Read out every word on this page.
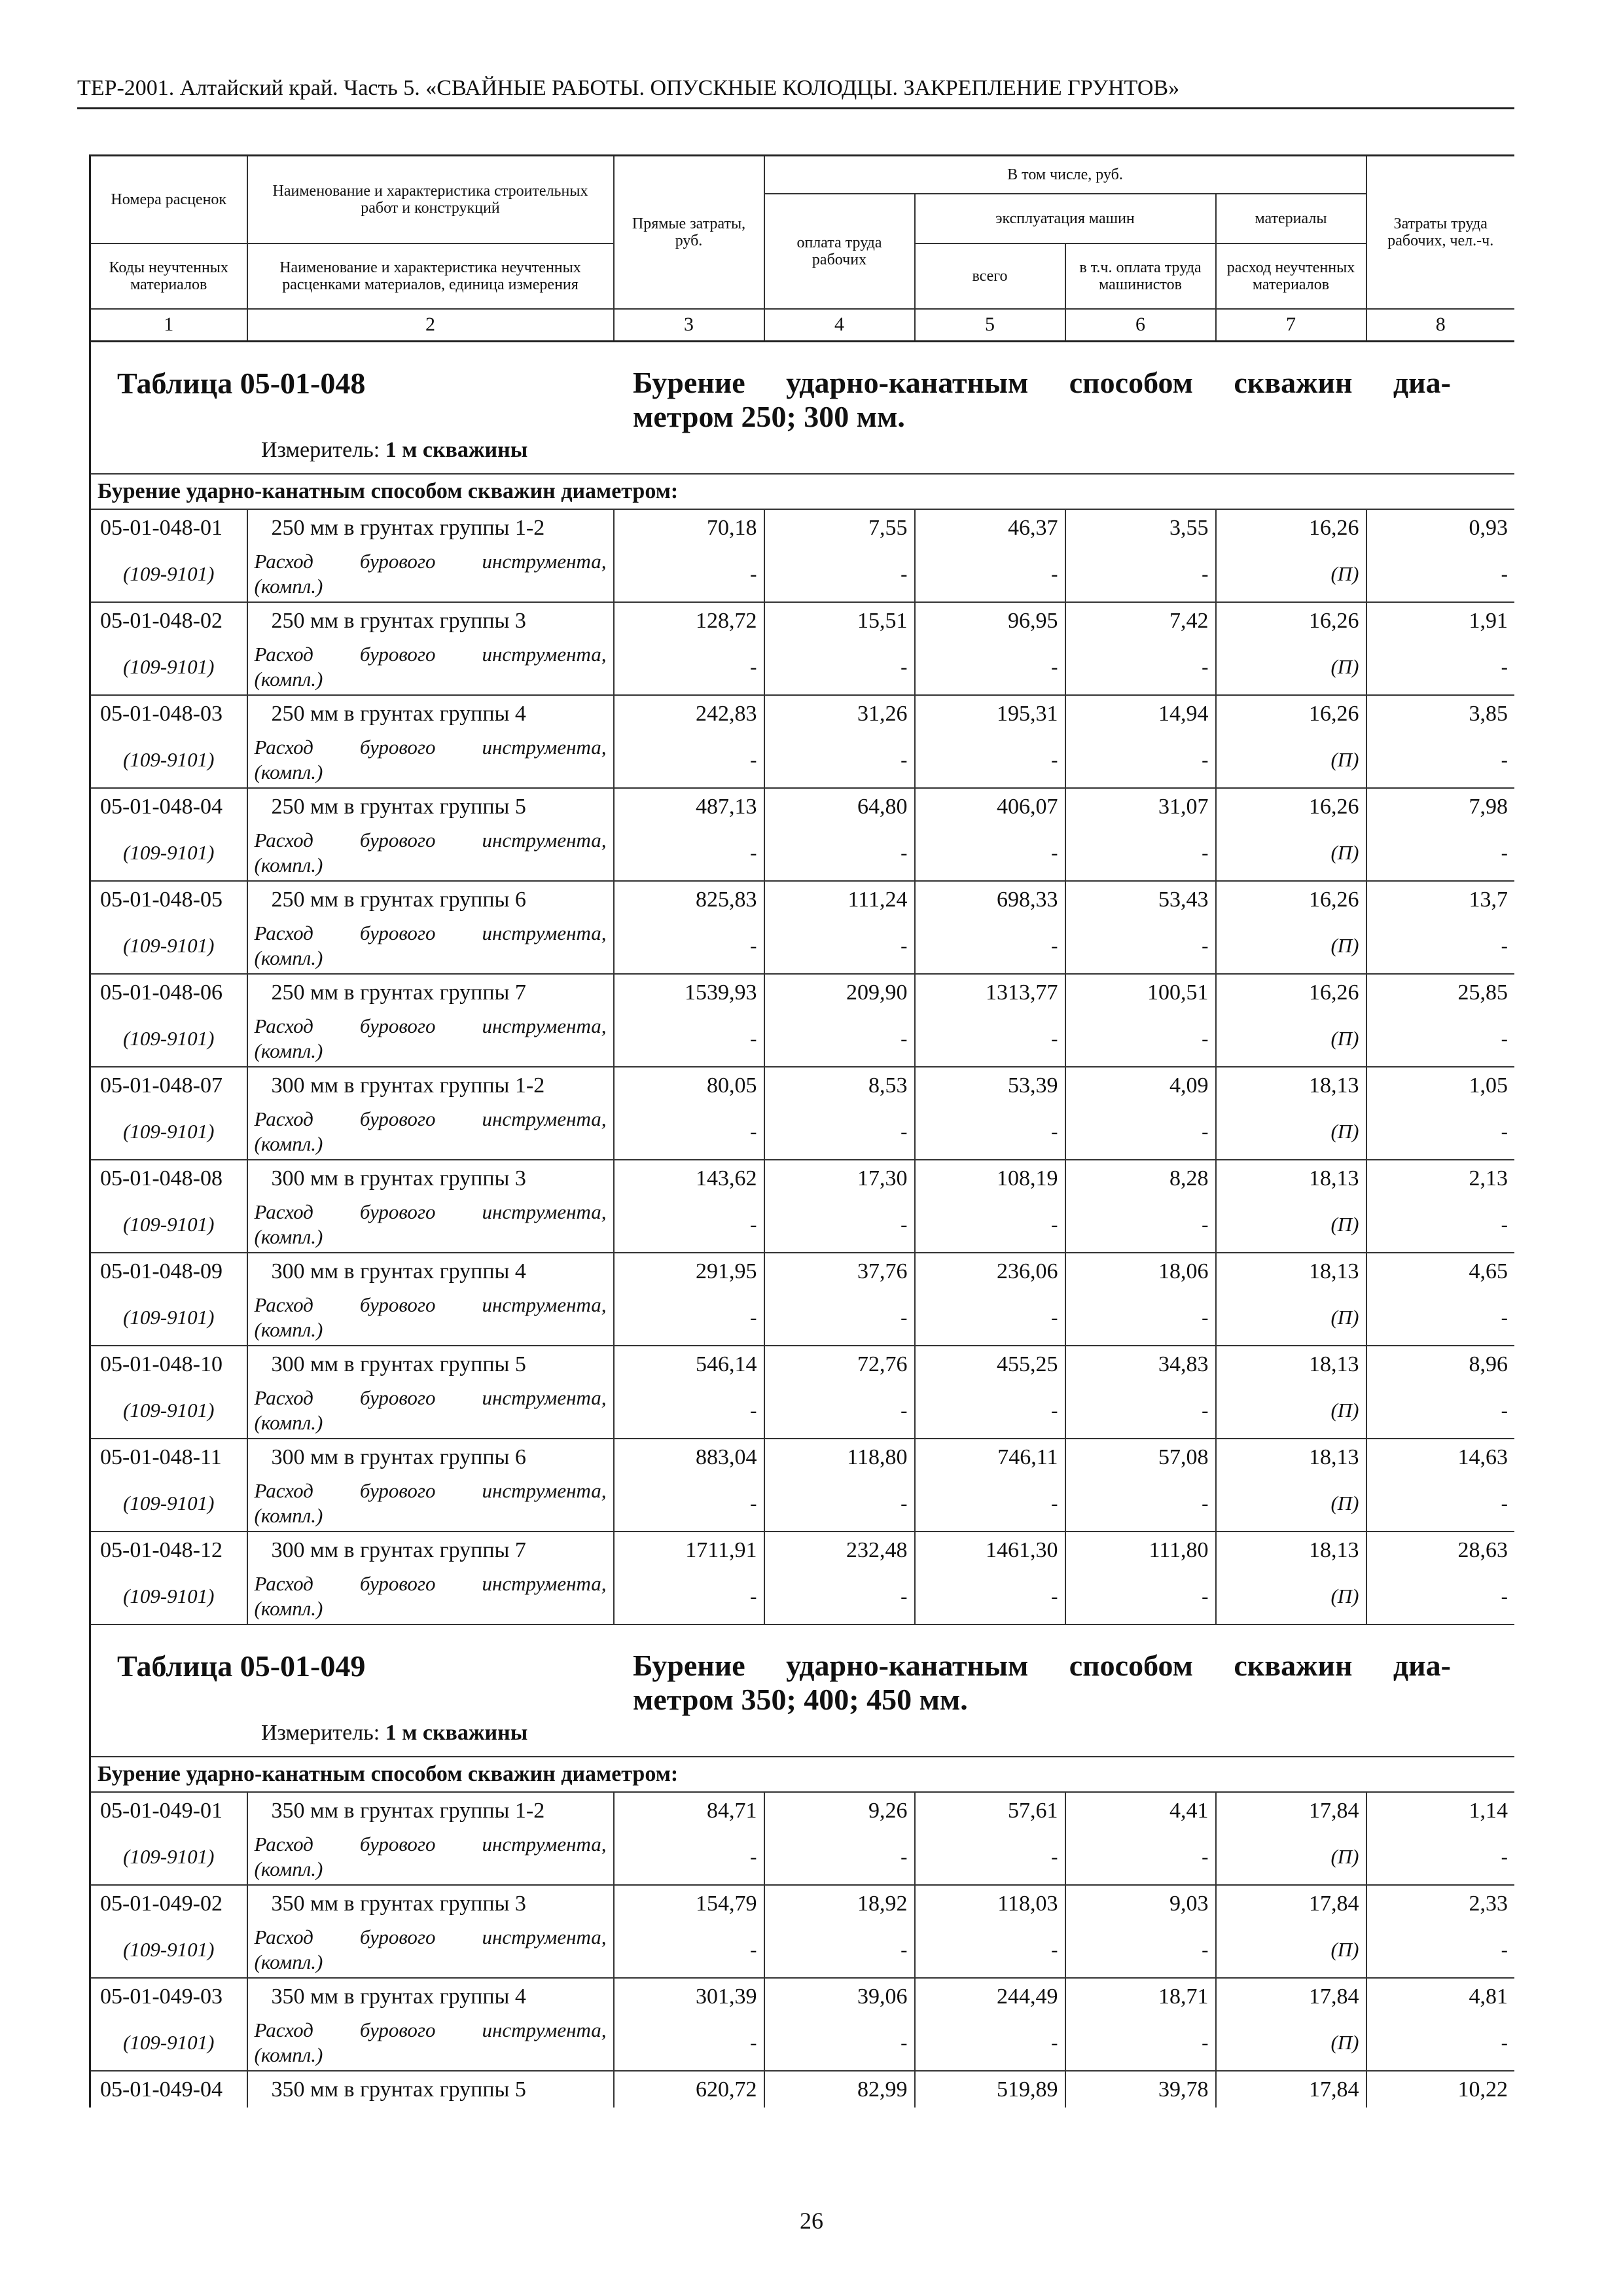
ТЕР-2001. Алтайский край. Часть 5. «СВАЙНЫЕ РАБОТЫ. ОПУСКНЫЕ КОЛОДЦЫ. ЗАКРЕПЛЕНИЕ ГРУНТОВ»
Номера расценок	Наименование и характеристика строительных работ и конструкций	Прямые затраты, руб.	В том числе, руб.				Затраты труда рабочих, чел.-ч.
			оплата труда рабочих	эксплуатация машин		материалы	
Коды неучтенных материалов	Наименование и характеристика неучтенных расценками материалов, единица измерения			всего	в т.ч. оплата труда машинистов	расход неучтенных материалов	
1	2	3	4	5	6	7	8

Таблица 05-01-048 Бурение ударно-канатным способом скважин диа-
метром 250; 300 мм.
Измеритель: 1 м скважины							

Бурение ударно-канатным способом скважин диаметром:							
05-01-048-01	250 мм в грунтах группы 1-2	70,18	7,55	46,37	3,55	16,26	0,93
(109-9101)	Расход бурового инструмента,
(компл.)	-	-	-	-	(П)	-
05-01-048-02	250 мм в грунтах группы 3	128,72	15,51	96,95	7,42	16,26	1,91
(109-9101)	Расход бурового инструмента,
(компл.)	-	-	-	-	(П)	-
05-01-048-03	250 мм в грунтах группы 4	242,83	31,26	195,31	14,94	16,26	3,85
(109-9101)	Расход бурового инструмента,
(компл.)	-	-	-	-	(П)	-
05-01-048-04	250 мм в грунтах группы 5	487,13	64,80	406,07	31,07	16,26	7,98
(109-9101)	Расход бурового инструмента,
(компл.)	-	-	-	-	(П)	-
05-01-048-05	250 мм в грунтах группы 6	825,83	111,24	698,33	53,43	16,26	13,7
(109-9101)	Расход бурового инструмента,
(компл.)	-	-	-	-	(П)	-
05-01-048-06	250 мм в грунтах группы 7	1539,93	209,90	1313,77	100,51	16,26	25,85
(109-9101)	Расход бурового инструмента,
(компл.)	-	-	-	-	(П)	-
05-01-048-07	300 мм в грунтах группы 1-2	80,05	8,53	53,39	4,09	18,13	1,05
(109-9101)	Расход бурового инструмента,
(компл.)	-	-	-	-	(П)	-
05-01-048-08	300 мм в грунтах группы 3	143,62	17,30	108,19	8,28	18,13	2,13
(109-9101)	Расход бурового инструмента,
(компл.)	-	-	-	-	(П)	-
05-01-048-09	300 мм в грунтах группы 4	291,95	37,76	236,06	18,06	18,13	4,65
(109-9101)	Расход бурового инструмента,
(компл.)	-	-	-	-	(П)	-
05-01-048-10	300 мм в грунтах группы 5	546,14	72,76	455,25	34,83	18,13	8,96
(109-9101)	Расход бурового инструмента,
(компл.)	-	-	-	-	(П)	-
05-01-048-11	300 мм в грунтах группы 6	883,04	118,80	746,11	57,08	18,13	14,63
(109-9101)	Расход бурового инструмента,
(компл.)	-	-	-	-	(П)	-
05-01-048-12	300 мм в грунтах группы 7	1711,91	232,48	1461,30	111,80	18,13	28,63
(109-9101)	Расход бурового инструмента,
(компл.)	-	-	-	-	(П)	-

Таблица 05-01-049 Бурение ударно-канатным способом скважин диа-
метром 350; 400; 450 мм.
Измеритель: 1 м скважины							

Бурение ударно-канатным способом скважин диаметром:							
05-01-049-01	350 мм в грунтах группы 1-2	84,71	9,26	57,61	4,41	17,84	1,14
(109-9101)	Расход бурового инструмента,
(компл.)	-	-	-	-	(П)	-
05-01-049-02	350 мм в грунтах группы 3	154,79	18,92	118,03	9,03	17,84	2,33
(109-9101)	Расход бурового инструмента,
(компл.)	-	-	-	-	(П)	-
05-01-049-03	350 мм в грунтах группы 4	301,39	39,06	244,49	18,71	17,84	4,81
(109-9101)	Расход бурового инструмента,
(компл.)	-	-	-	-	(П)	-
05-01-049-04	350 мм в грунтах группы 5	620,72	82,99	519,89	39,78	17,84	10,22
26
